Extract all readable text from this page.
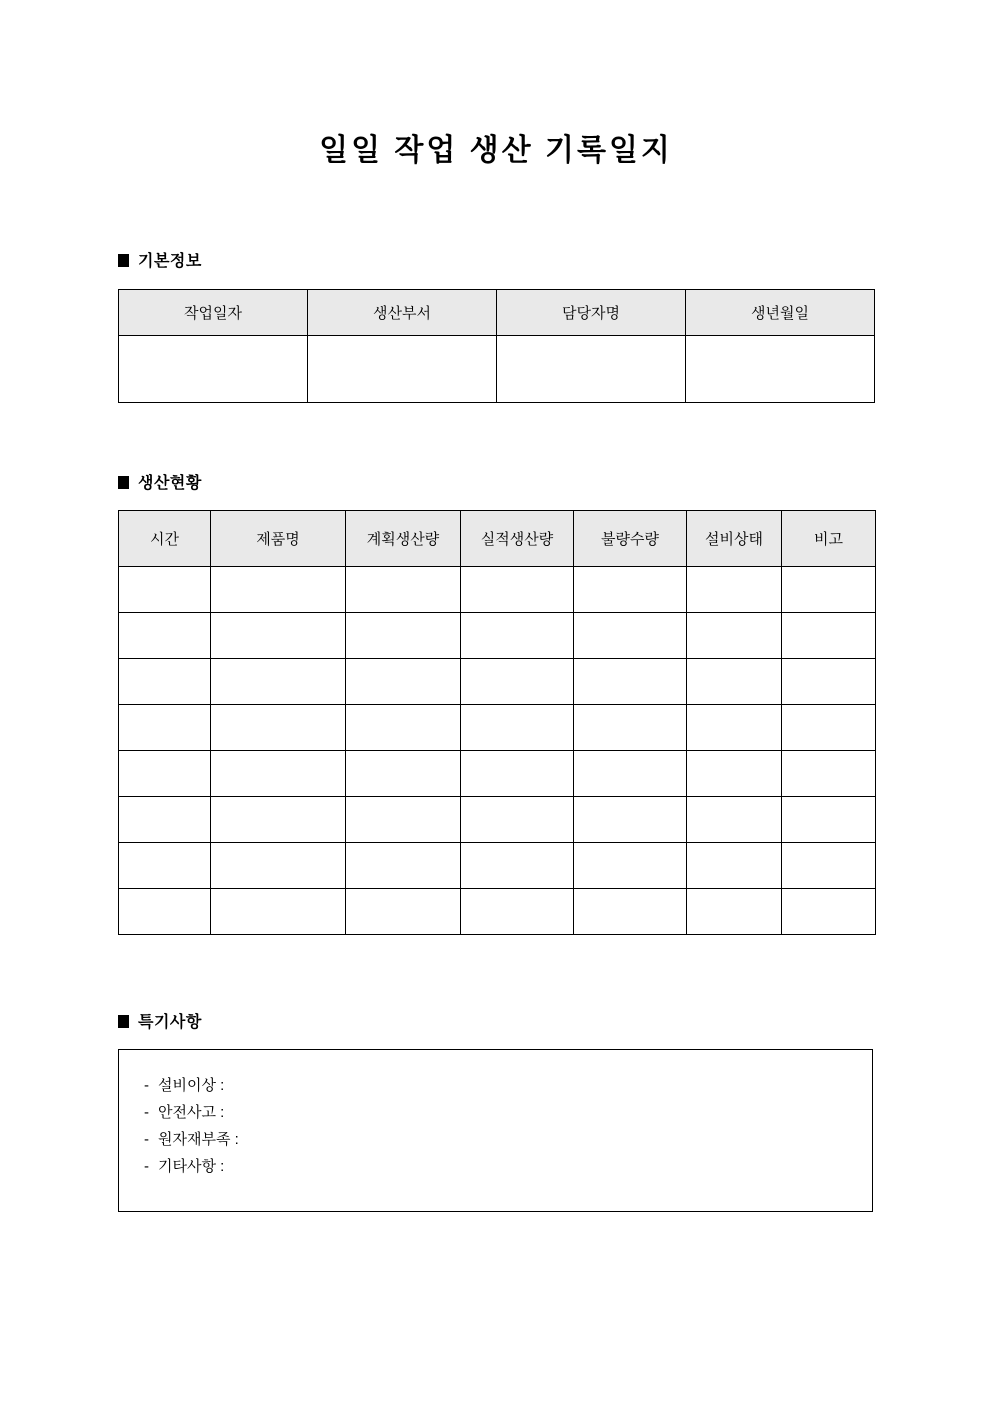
일일 작업 생산 기록일지
기본정보
작업일자	생산부서	담당자명	생년월일

생산현황
시간	제품명	계획생산량	실적생산량	불량수량	설비상태	비고

특기사항
- 설비이상 :
- 안전사고 :
- 원자재부족 :
- 기타사항 :
